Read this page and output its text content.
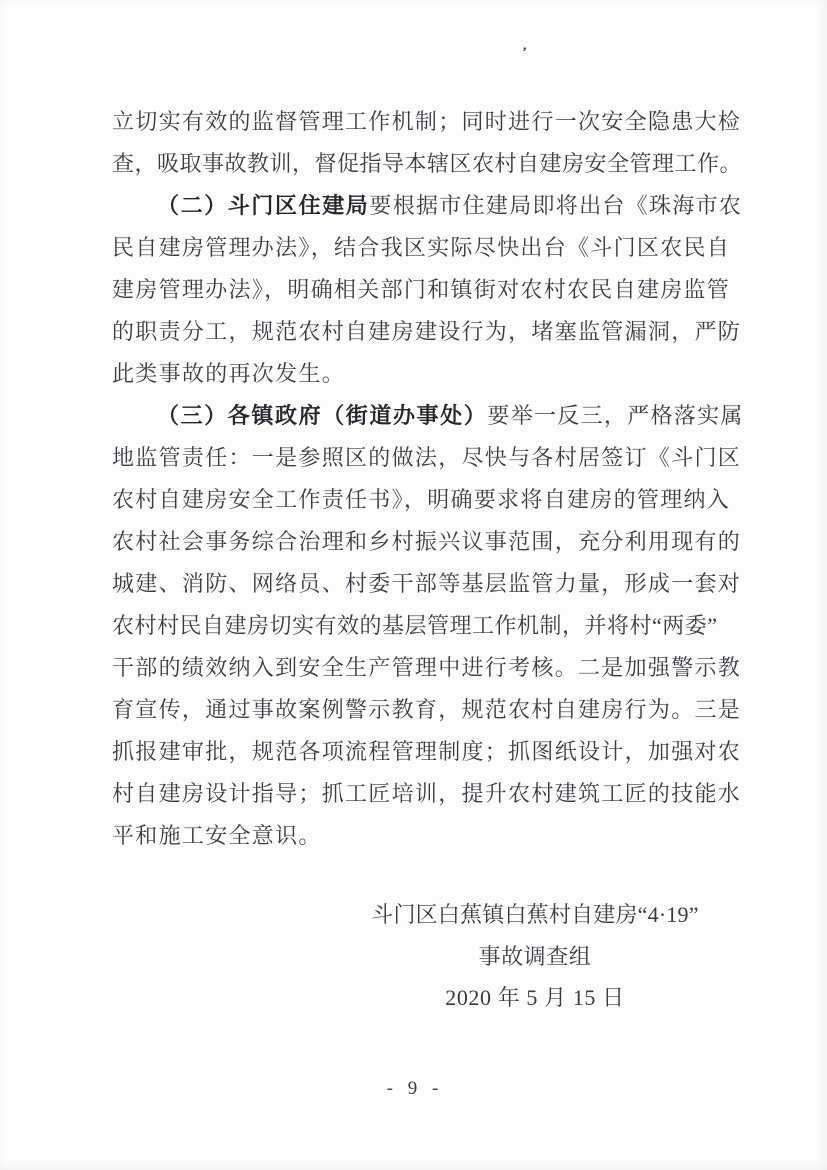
’
立切实有效的监督管理工作机制；同时进行一次安全隐患大检
查，吸取事故教训，督促指导本辖区农村自建房安全管理工作。
（二）斗门区住建局要根据市住建局即将出台《珠海市农
民自建房管理办法》，结合我区实际尽快出台《斗门区农民自
建房管理办法》，明确相关部门和镇街对农村农民自建房监管
的职责分工，规范农村自建房建设行为，堵塞监管漏洞，严防
此类事故的再次发生。
（三）各镇政府（街道办事处）要举一反三，严格落实属
地监管责任：一是参照区的做法，尽快与各村居签订《斗门区
农村自建房安全工作责任书》，明确要求将自建房的管理纳入
农村社会事务综合治理和乡村振兴议事范围，充分利用现有的
城建、消防、网络员、村委干部等基层监管力量，形成一套对
农村村民自建房切实有效的基层管理工作机制，并将村“两委”
干部的绩效纳入到安全生产管理中进行考核。二是加强警示教
育宣传，通过事故案例警示教育，规范农村自建房行为。三是
抓报建审批，规范各项流程管理制度；抓图纸设计，加强对农
村自建房设计指导；抓工匠培训，提升农村建筑工匠的技能水
平和施工安全意识。
斗门区白蕉镇白蕉村自建房“4·19”
事故调查组
2020 年 5 月 15 日
- 9 -
